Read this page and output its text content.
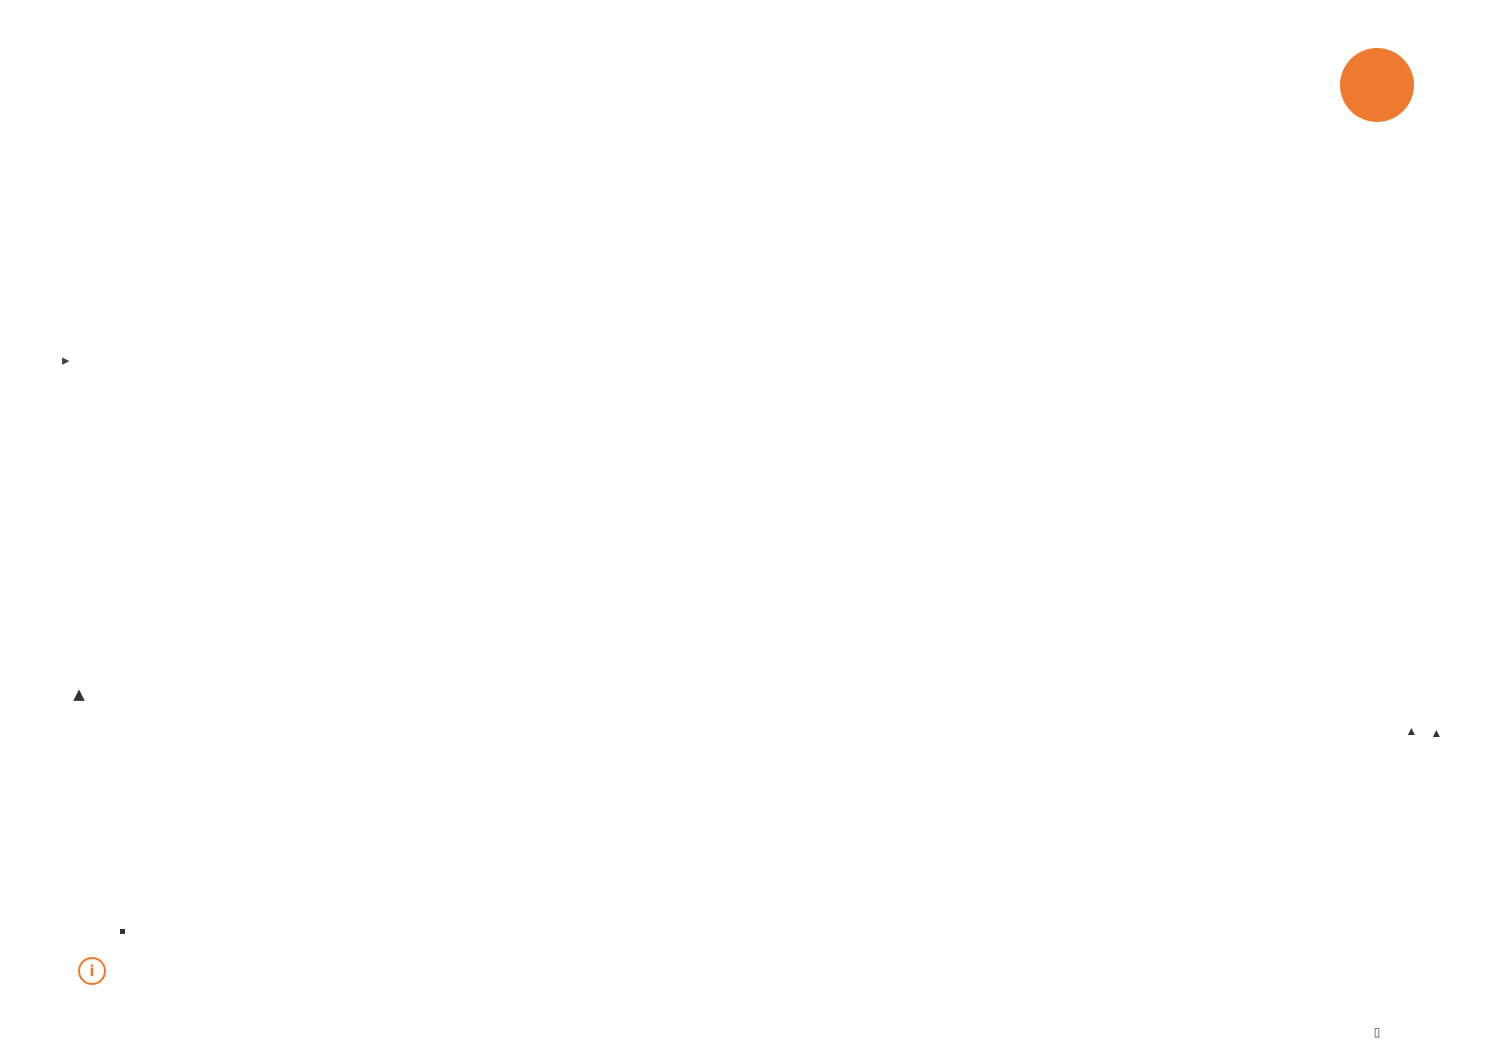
▸
▲

▸ ▸
i
▯
